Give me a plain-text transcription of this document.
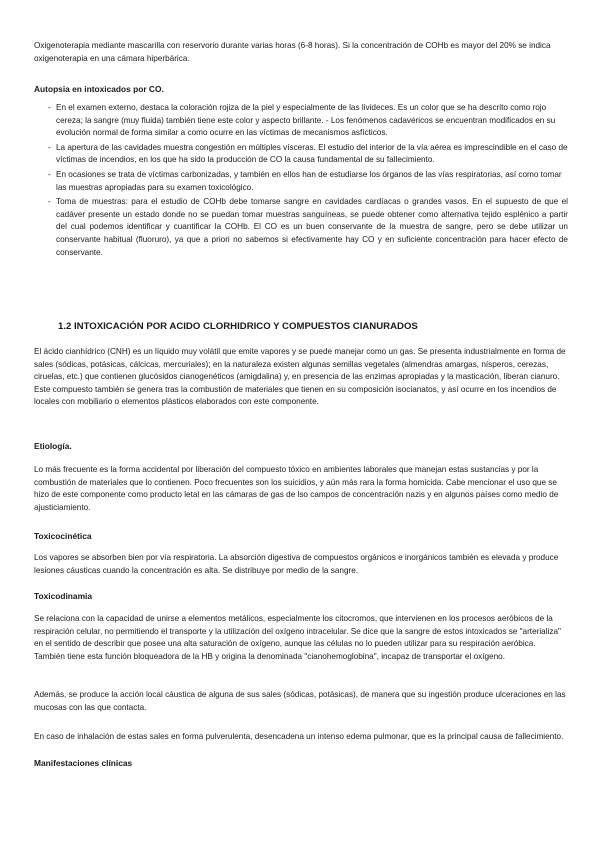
Oxigenoterapia mediante mascarilla con reservorio durante varias horas (6-8 horas). Si la concentración de COHb es mayor del 20% se indica oxigenoterapia en una cámara hiperbárica.

Autopsia en intoxicados por CO.

- En el examen externo, destaca la coloración rojiza de la piel y especialmente de las livideces. Es un color que se ha descrito como rojo cereza; la sangre (muy fluida) también tiene este color y aspecto brillante. - Los fenómenos cadavéricos se encuentran modificados en su evolución normal de forma similar a como ocurre en las víctimas de mecanismos asfícticos.
- La apertura de las cavidades muestra congestión en múltiples vísceras. El estudio del interior de la vía aérea es imprescindible en el caso de víctimas de incendios, en los que ha sido la producción de CO la causa fundamental de su fallecimiento.
- En ocasiones se trata de víctimas carbonizadas, y también en ellos han de estudiarse los órganos de las vías respiratorias, así como tomar las muestras apropiadas para su examen toxicológico.
- Toma de muestras: para el estudio de COHb debe tomarse sangre en cavidades cardíacas o grandes vasos. En el supuesto de que el cadáver presente un estado donde no se puedan tomar muestras sanguíneas, se puede obtener como alternativa tejido esplénico a partir del cual podemos identificar y cuantificar la COHb. El CO es un buen conservante de la muestra de sangre, pero se debe utilizar un conservante habitual (fluoruro), ya que a priori no sabemos si efectivamente hay CO y en suficiente concentración para hacer efecto de conservante.

1.2 INTOXICACIÓN POR ACIDO CLORHIDRICO Y COMPUESTOS CIANURADOS

El ácido cianhídrico (CNH) es un líquido muy volátil que emite vapores y se puede manejar como un gas. Se presenta industrialmente en forma de sales (sódicas, potásicas, cálcicas, mercuriales); en la naturaleza existen algunas semillas vegetales (almendras amargas, nísperos, cerezas, ciruelas, etc.) que contienen glucósidos cianogenéticos (amigdalina) y, en presencia de las enzimas apropiadas y la masticación, liberan cianuro. Este compuesto también se genera tras la combustión de materiales que tienen en su composición isocianatos, y así ocurre en los incendios de locales con mobiliario o elementos plásticos elaborados con este componente.

Etiología.

Lo más frecuente es la forma accidental por liberación del compuesto tóxico en ambientes laborales que manejan estas sustancias y por la combustión de materiales que lo contienen. Poco frecuentes son los suicidios, y aún más rara la forma homicida. Cabe mencionar el uso que se hizo de este componente como producto letal en las cámaras de gas de lso campos de concentración nazis y en algunos países como medio de ajusticiamiento.

Toxicocinética

Los vapores se absorben bien por vía respiratoria. La absorción digestiva de compuestos orgánicos e inorgánicos también es elevada y produce lesiones cáusticas cuando la concentración es alta. Se distribuye por medio de la sangre.

Toxicodinamia

Se relaciona con la capacidad de unirse a elementos metálicos, especialmente los citocromos, que intervienen en los procesos aeróbicos de la respiración celular, no permitiendo el transporte y la utilización del oxígeno intracelular. Se dice que la sangre de estos intoxicados se "arterializa" en el sentido de describir que posee una alta saturación de oxígeno, aunque las células no lo pueden utilizar para su respiración aeróbica. También tiene esta función bloqueadora de la HB y origina la denominada "cianohemoglobina", incapaz de transportar el oxígeno.

Además, se produce la acción local cáustica de alguna de sus sales (sódicas, potásicas), de manera que su ingestión produce ulceraciones en las mucosas con las que contacta.

En caso de inhalación de estas sales en forma pulverulenta, desencadena un intenso edema pulmonar, que es la principal causa de fallecimiento.

Manifestaciones clínicas
